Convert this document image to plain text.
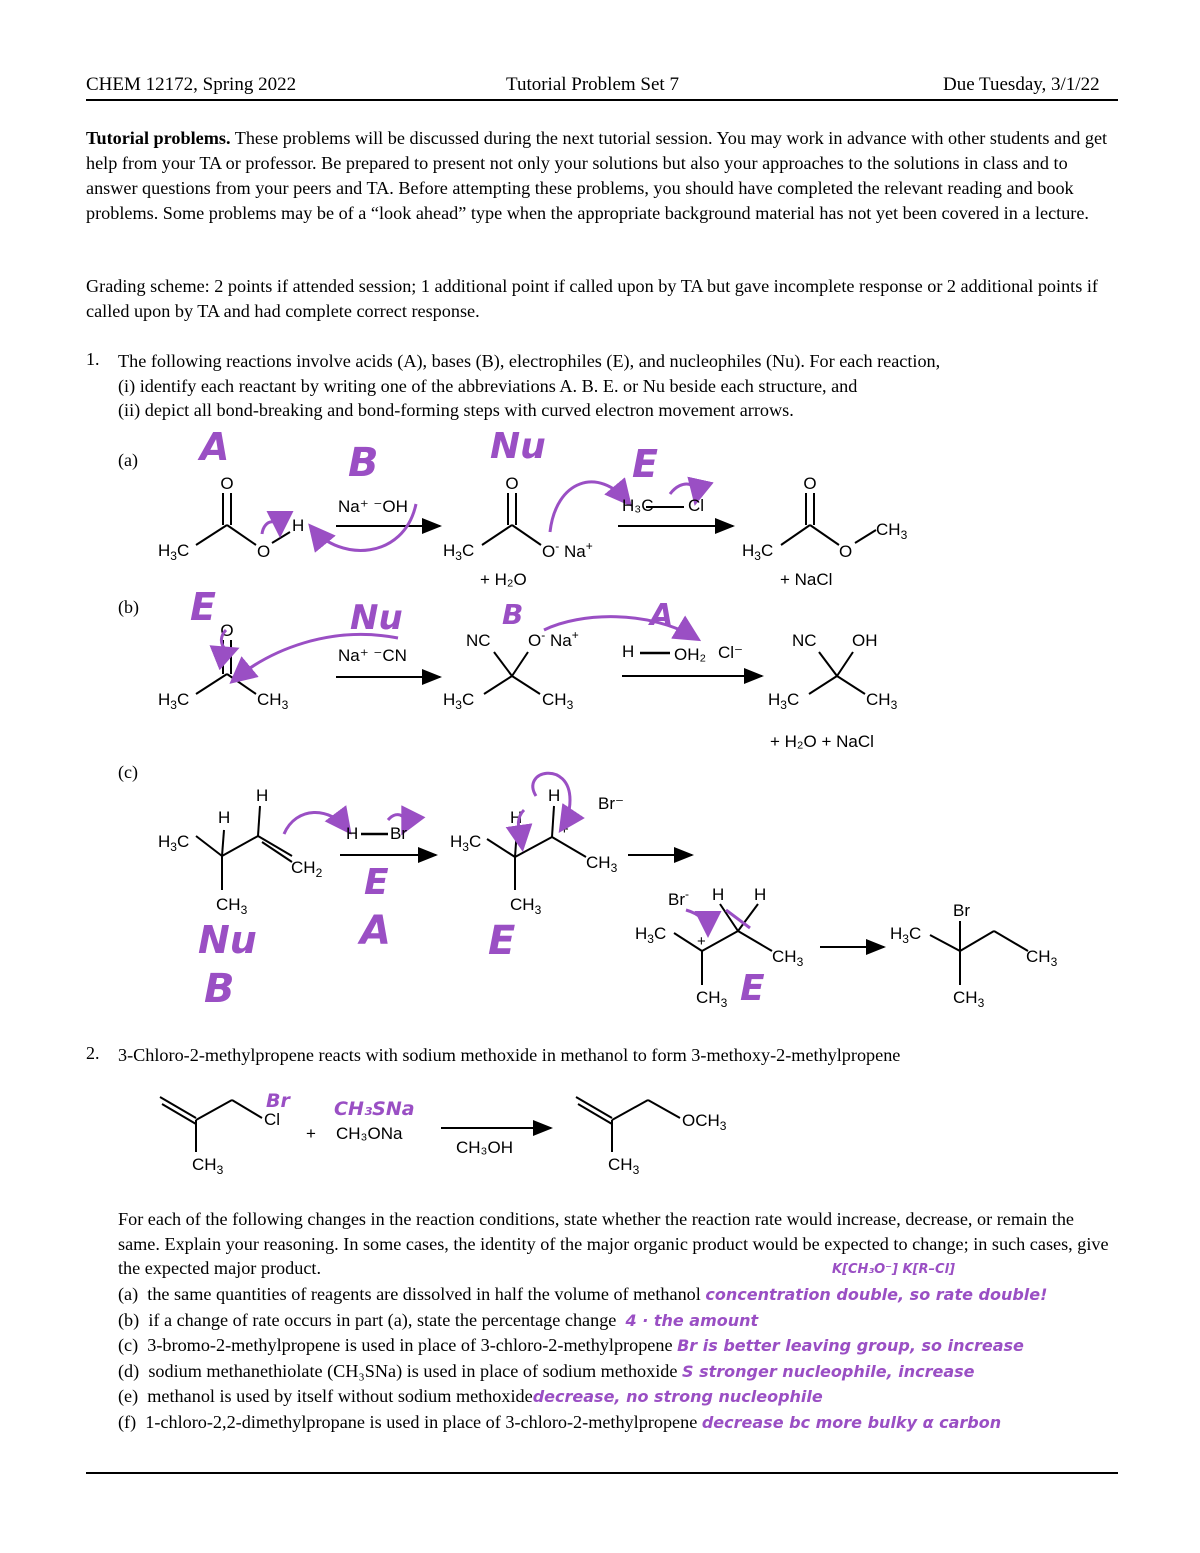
CHEM 12172, Spring 2022	Tutorial Problem Set 7	Due Tuesday, 3/1/22
Tutorial problems. These problems will be discussed during the next tutorial session. You may work in advance with other students and get help from your TA or professor. Be prepared to present not only your solutions but also your approaches to the solutions in class and to answer questions from your peers and TA. Before attempting these problems, you should have completed the relevant reading and book problems. Some problems may be of a “look ahead” type when the appropriate background material has not yet been covered in a lecture.
Grading scheme: 2 points if attended session; 1 additional point if called upon by TA but gave incomplete response or 2 additional points if called upon by TA and had complete correct response.
1. The following reactions involve acids (A), bases (B), electrophiles (E), and nucleophiles (Nu). For each reaction,
(i) identify each reactant by writing one of the abbreviations A. B. E. or Nu beside each structure, and
(ii) depict all bond-breaking and bond-forming steps with curved electron movement arrows.
(a)
(b)
(c)
O
$H_3C$	O
H
O
$H_3C$	O- Na+
O
$H_3C$	O
$CH_3$
O
$H_3C$	$CH_3$
NC O- Na+
$H_3C$	$CH_3$
NC OH
$H_3C$	$CH_3$
$H_3C$
H
H
$CH_2$
$CH_3$
$H_3C$
H
H
+
$CH_3$
$CH_3$
Br- H H
$H_3C$ +
$CH_3$
$CH_3$
Br
$H_3C$
$CH_3$
$CH_3$
Cl
$CH_3$
$OCH_3$
$CH_3$
Na⁺ ⁻OH	H₃C Cl
+ H₂O	+ NaCl
A	B	Nu E
Na⁺ ⁻CN	H OH₂ Cl⁻
+ H₂O + NaCl
E	Nu	B	A
H Br
Br⁻
Nu
B
E
A E
E
2. 3-Chloro-2-methylpropene reacts with sodium methoxide in methanol to form 3-methoxy-2-methylpropene
+ CH₃ONa
CH₃OH
CH₃SNa
Br
For each of the following changes in the reaction conditions, state whether the reaction rate would increase, decrease, or remain the same. Explain your reasoning. In some cases, the identity of the major organic product would be expected to change; in such cases, give the expected major product.
(a) the same quantities of reagents are dissolved in half the volume of methanol concentration double, so rate double!
(b) if a change of rate occurs in part (a), state the percentage change 4 · the amount
(c) 3-bromo-2-methylpropene is used in place of 3-chloro-2-methylpropene Br is better leaving group, so increase
(d) sodium methanethiolate (CH₃SNa) is used in place of sodium methoxide S stronger nucleophile, increase
(e) methanol is used by itself without sodium methoxidedecrease, no strong nucleophile
(f) 1-chloro-2,2-dimethylpropane is used in place of 3-chloro-2-methylpropene decrease bc more bulky α carbon
K[CH₃O⁻] K[R–Cl]
